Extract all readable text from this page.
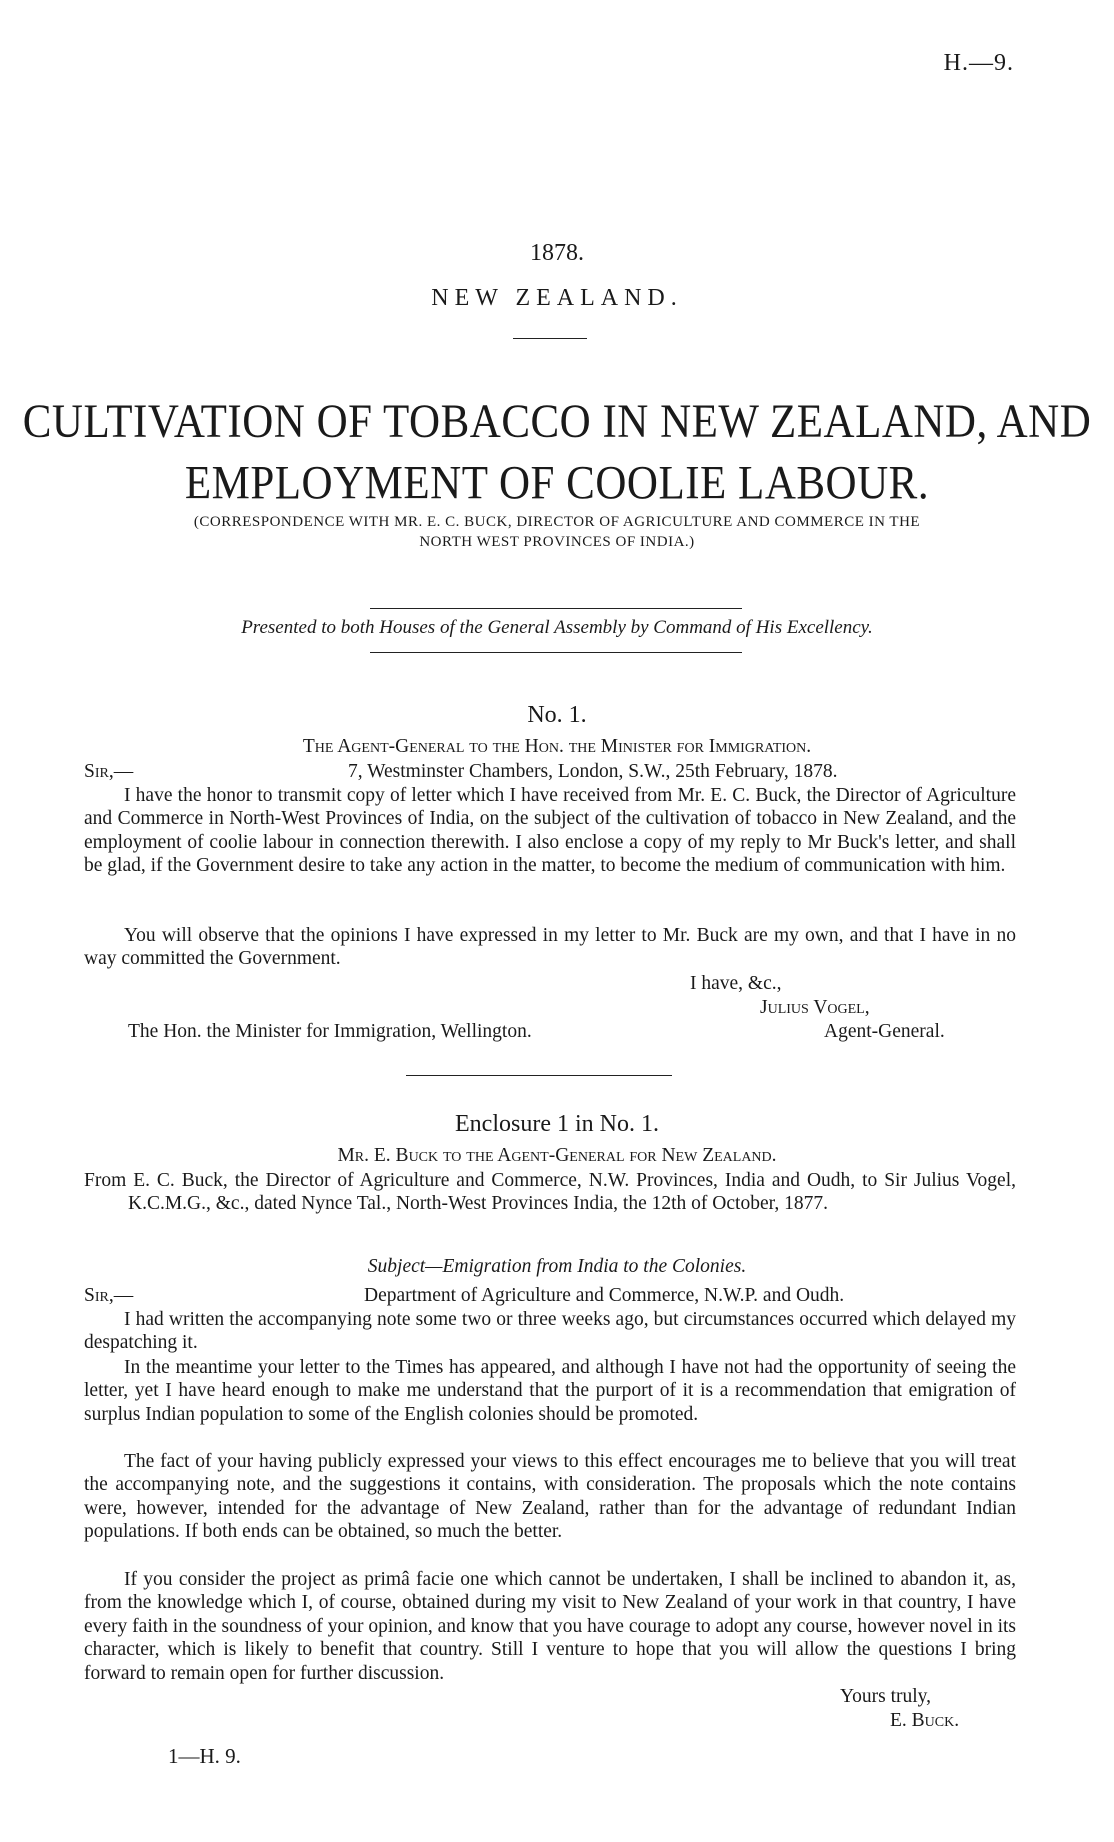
H.—9.
1878.
NEW ZEALAND.
CULTIVATION OF TOBACCO IN NEW ZEALAND, AND
EMPLOYMENT OF COOLIE LABOUR.
(CORRESPONDENCE WITH MR. E. C. BUCK, DIRECTOR OF AGRICULTURE AND COMMERCE IN THE
NORTH WEST PROVINCES OF INDIA.)
Presented to both Houses of the General Assembly by Command of His Excellency.
No. 1.
The Agent-General to the Hon. the Minister for Immigration.
Sir,—	7, Westminster Chambers, London, S.W., 25th February, 1878.
I have the honor to transmit copy of letter which I have received from Mr. E. C. Buck, the Director of Agriculture and Commerce in North-West Provinces of India, on the subject of the cultivation of tobacco in New Zealand, and the employment of coolie labour in connection therewith. I also enclose a copy of my reply to Mr Buck's letter, and shall be glad, if the Government desire to take any action in the matter, to become the medium of communication with him.
You will observe that the opinions I have expressed in my letter to Mr. Buck are my own, and that I have in no way committed the Government.
I have, &c.,
Julius Vogel,
The Hon. the Minister for Immigration, Wellington.	Agent-General.
Enclosure 1 in No. 1.
Mr. E. Buck to the Agent-General for New Zealand.
From E. C. Buck, the Director of Agriculture and Commerce, N.W. Provinces, India and Oudh, to Sir Julius Vogel, K.C.M.G., &c., dated Nynce Tal., North-West Provinces India, the 12th of October, 1877.
Subject—Emigration from India to the Colonies.
Sir,—	Department of Agriculture and Commerce, N.W.P. and Oudh.
I had written the accompanying note some two or three weeks ago, but circumstances occurred which delayed my despatching it.
In the meantime your letter to the Times has appeared, and although I have not had the opportunity of seeing the letter, yet I have heard enough to make me understand that the purport of it is a recommendation that emigration of surplus Indian population to some of the English colonies should be promoted.
The fact of your having publicly expressed your views to this effect encourages me to believe that you will treat the accompanying note, and the suggestions it contains, with consideration. The proposals which the note contains were, however, intended for the advantage of New Zealand, rather than for the advantage of redundant Indian populations. If both ends can be obtained, so much the better.
If you consider the project as primâ facie one which cannot be undertaken, I shall be inclined to abandon it, as, from the knowledge which I, of course, obtained during my visit to New Zealand of your work in that country, I have every faith in the soundness of your opinion, and know that you have courage to adopt any course, however novel in its character, which is likely to benefit that country. Still I venture to hope that you will allow the questions I bring forward to remain open for further discussion.
Yours truly,
E. Buck.
1—H. 9.
